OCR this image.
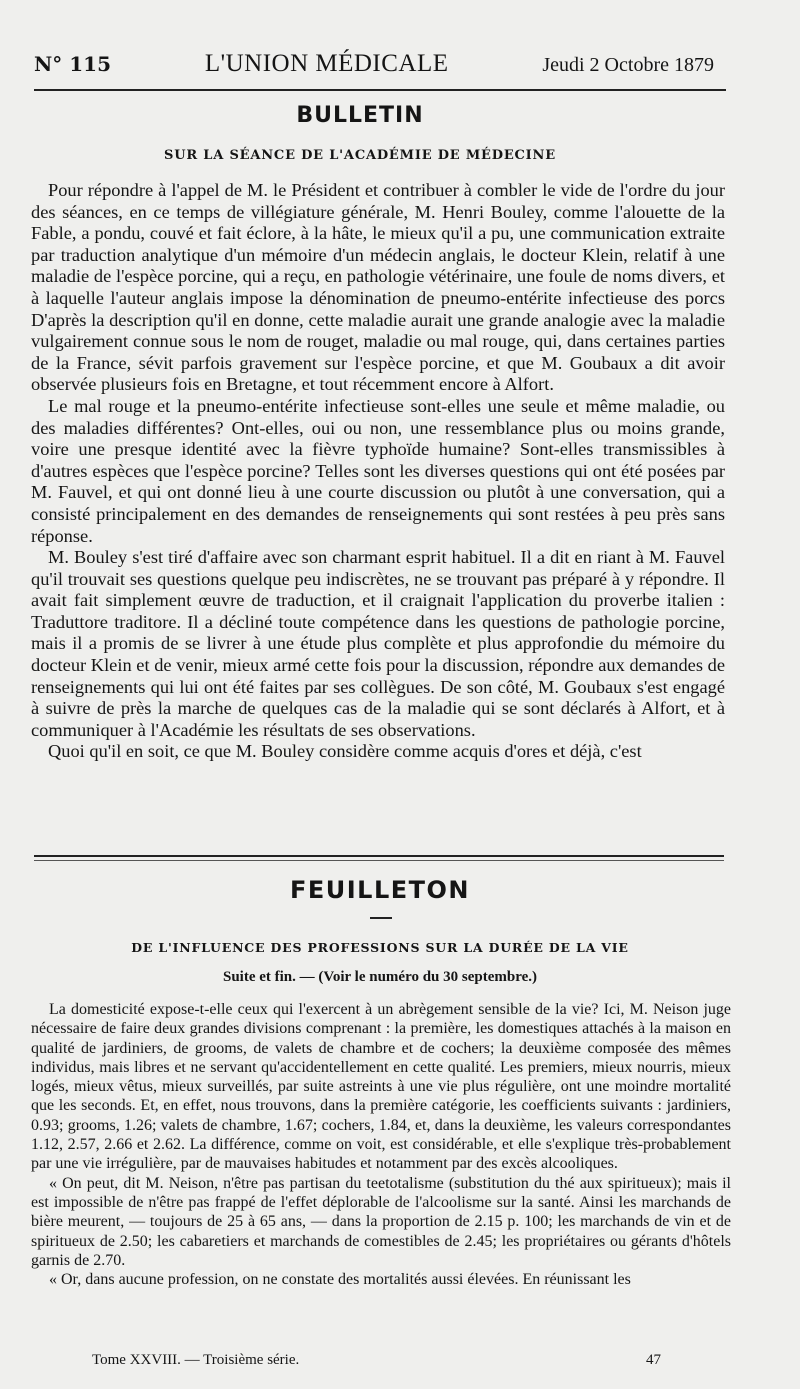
N° 115	L'UNION MÉDICALE	Jeudi 2 Octobre 1879
BULLETIN
SUR LA SÉANCE DE L'ACADÉMIE DE MÉDECINE

Pour répondre à l'appel de M. le Président et contribuer à combler le vide de l'ordre du jour des séances, en ce temps de villégiature générale, M. Henri Bouley, comme l'alouette de la Fable, a pondu, couvé et fait éclore, à la hâte, le mieux qu'il a pu, une communication extraite par traduction analytique d'un mémoire d'un médecin anglais, le docteur Klein, relatif à une maladie de l'espèce porcine, qui a reçu, en pathologie vétérinaire, une foule de noms divers, et à laquelle l'auteur anglais impose la dénomination de pneumo-entérite infectieuse des porcs D'après la description qu'il en donne, cette maladie aurait une grande analogie avec la maladie vulgairement connue sous le nom de rouget, maladie ou mal rouge, qui, dans certaines parties de la France, sévit parfois gravement sur l'espèce porcine, et que M. Goubaux a dit avoir observée plusieurs fois en Bretagne, et tout récemment encore à Alfort.

Le mal rouge et la pneumo-entérite infectieuse sont-elles une seule et même maladie, ou des maladies différentes? Ont-elles, oui ou non, une ressemblance plus ou moins grande, voire une presque identité avec la fièvre typhoïde humaine? Sont-elles transmissibles à d'autres espèces que l'espèce porcine? Telles sont les diverses questions qui ont été posées par M. Fauvel, et qui ont donné lieu à une courte discussion ou plutôt à une conversation, qui a consisté principalement en des demandes de renseignements qui sont restées à peu près sans réponse.

M. Bouley s'est tiré d'affaire avec son charmant esprit habituel. Il a dit en riant à M. Fauvel qu'il trouvait ses questions quelque peu indiscrètes, ne se trouvant pas préparé à y répondre. Il avait fait simplement œuvre de traduction, et il craignait l'application du proverbe italien : Traduttore traditore. Il a décliné toute compétence dans les questions de pathologie porcine, mais il a promis de se livrer à une étude plus complète et plus approfondie du mémoire du docteur Klein et de venir, mieux armé cette fois pour la discussion, répondre aux demandes de renseignements qui lui ont été faites par ses collègues. De son côté, M. Goubaux s'est engagé à suivre de près la marche de quelques cas de la maladie qui se sont déclarés à Alfort, et à communiquer à l'Académie les résultats de ses observations.

Quoi qu'il en soit, ce que M. Bouley considère comme acquis d'ores et déjà, c'est

FEUILLETON
DE L'INFLUENCE DES PROFESSIONS SUR LA DURÉE DE LA VIE
Suite et fin. — (Voir le numéro du 30 septembre.)

La domesticité expose-t-elle ceux qui l'exercent à un abrègement sensible de la vie? Ici, M. Neison juge nécessaire de faire deux grandes divisions comprenant : la première, les domestiques attachés à la maison en qualité de jardiniers, de grooms, de valets de chambre et de cochers; la deuxième composée des mêmes individus, mais libres et ne servant qu'accidentellement en cette qualité. Les premiers, mieux nourris, mieux logés, mieux vêtus, mieux surveillés, par suite astreints à une vie plus régulière, ont une moindre mortalité que les seconds. Et, en effet, nous trouvons, dans la première catégorie, les coefficients suivants : jardiniers, 0.93; grooms, 1.26; valets de chambre, 1.67; cochers, 1.84, et, dans la deuxième, les valeurs correspondantes 1.12, 2.57, 2.66 et 2.62. La différence, comme on voit, est considérable, et elle s'explique très-probablement par une vie irrégulière, par de mauvaises habitudes et notamment par des excès alcooliques.

« On peut, dit M. Neison, n'être pas partisan du teetotalisme (substitution du thé aux spiritueux); mais il est impossible de n'être pas frappé de l'effet déplorable de l'alcoolisme sur la santé. Ainsi les marchands de bière meurent, — toujours de 25 à 65 ans, — dans la proportion de 2.15 p. 100; les marchands de vin et de spiritueux de 2.50; les cabaretiers et marchands de comestibles de 2.45; les propriétaires ou gérants d'hôtels garnis de 2.70.

« Or, dans aucune profession, on ne constate des mortalités aussi élevées. En réunissant les

Tome XXVIII. — Troisième série.	47
